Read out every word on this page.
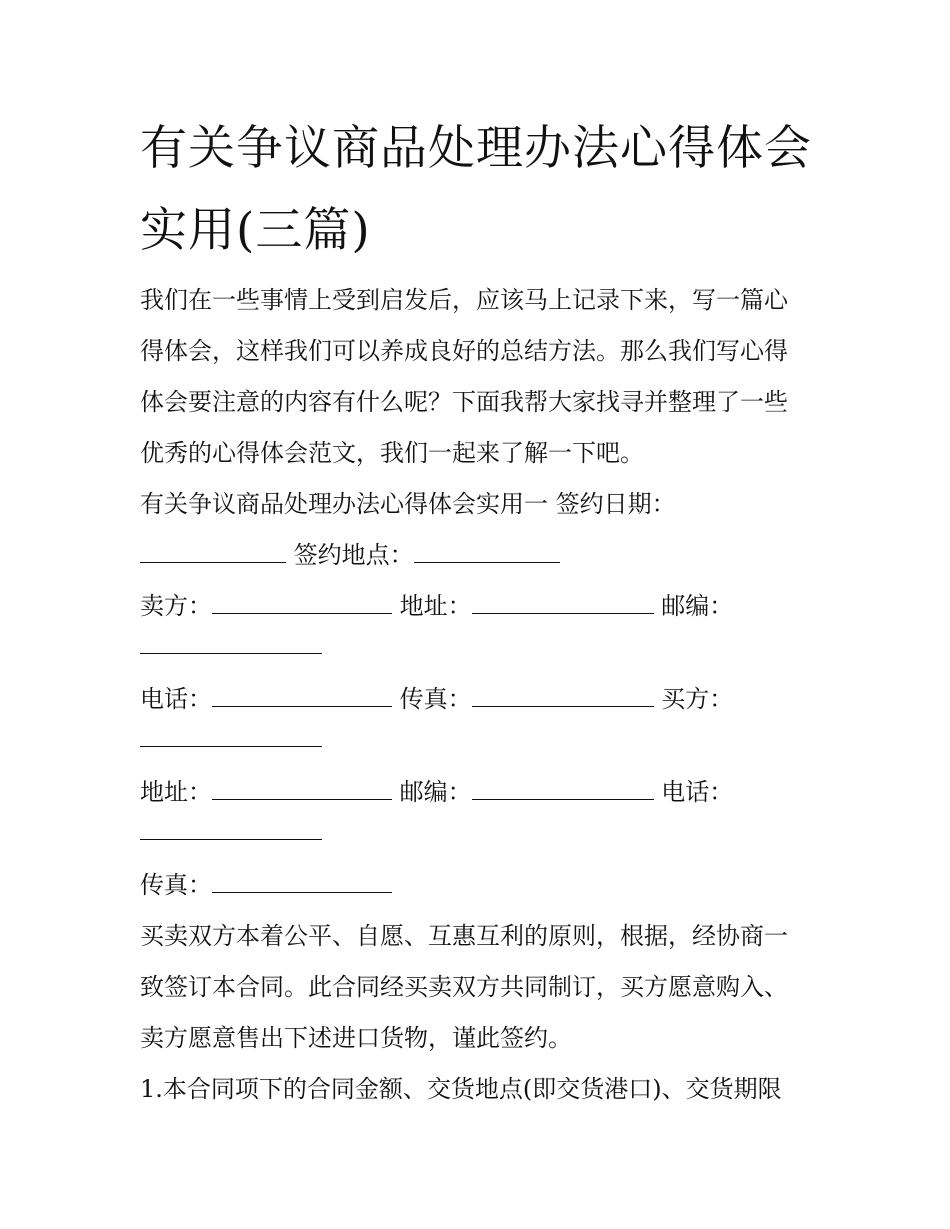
有关争议商品处理办法心得体会实用(三篇)
我们在一些事情上受到启发后，应该马上记录下来，写一篇心
得体会，这样我们可以养成良好的总结方法。那么我们写心得
体会要注意的内容有什么呢？下面我帮大家找寻并整理了一些
优秀的心得体会范文，我们一起来了解一下吧。
有关争议商品处理办法心得体会实用一 签约日期：
签约地点：
卖方：	地址：	邮编：
电话：	传真：	买方：
地址：	邮编：	电话：
传真：
买卖双方本着公平、自愿、互惠互利的原则，根据，经协商一
致签订本合同。此合同经买卖双方共同制订，买方愿意购入、
卖方愿意售出下述进口货物，谨此签约。
1.本合同项下的合同金额、交货地点(即交货港口)、交货期限
